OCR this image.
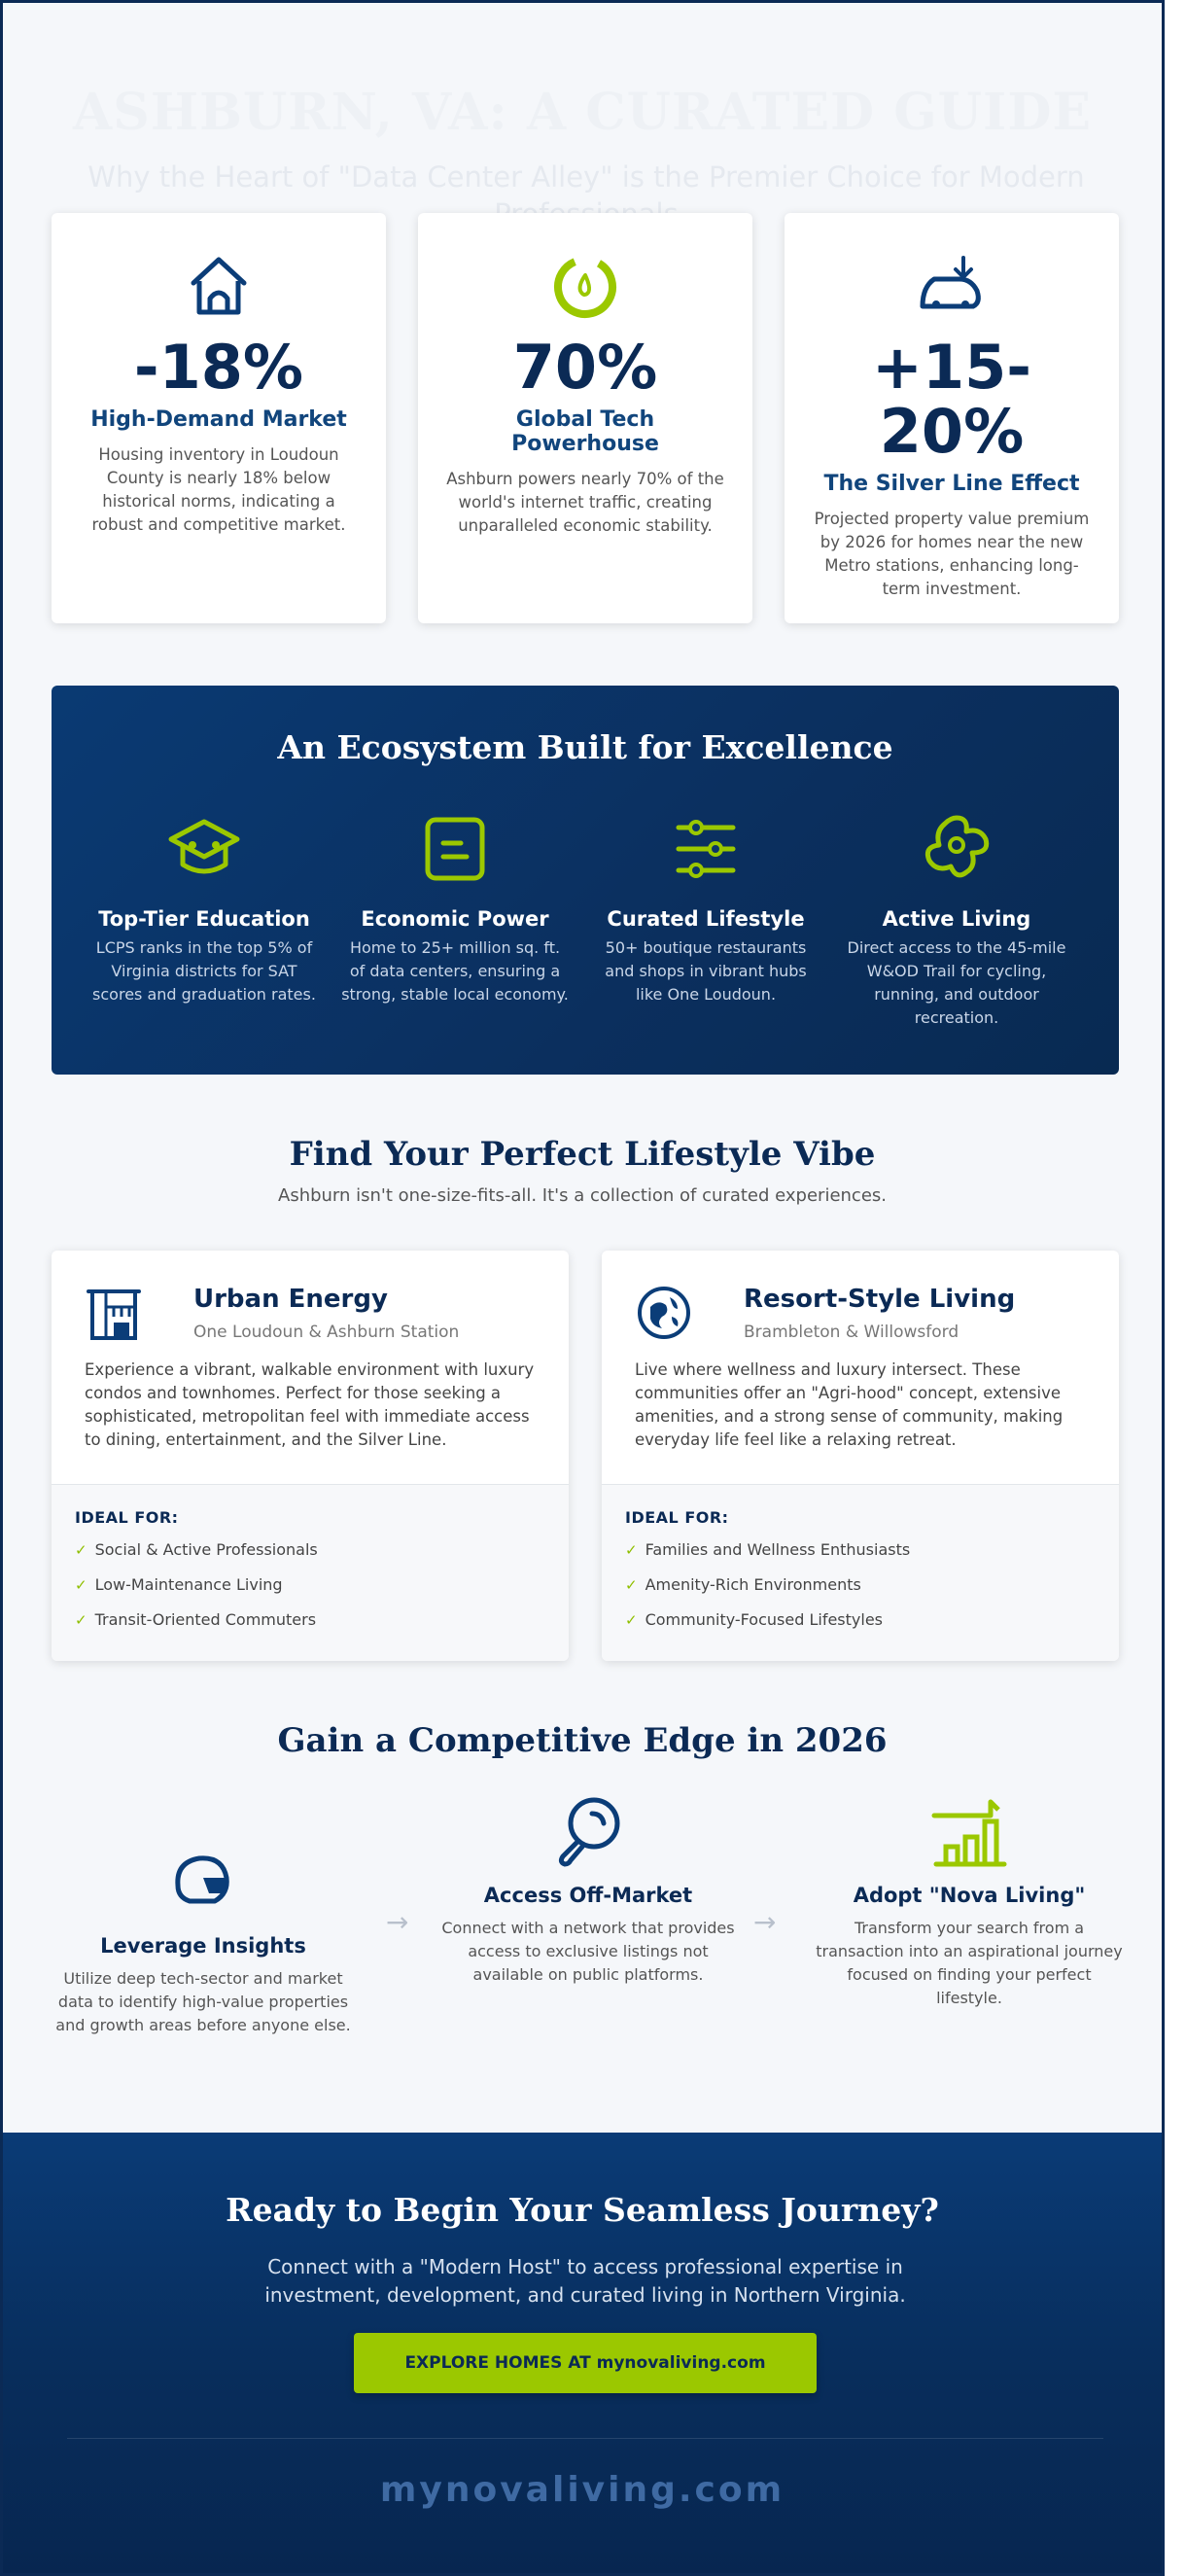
ASHBURN, VA: A CURATED GUIDE
Why the Heart of "Data Center Alley" is the Premier Choice for Modern
-18%
High-Demand Market
Housing inventory in Loudoun County is nearly 18% below historical norms, indicating a robust and competitive market.
70%
Global Tech Powerhouse
Ashburn powers nearly 70% of the world's internet traffic, creating unparalleled economic stability.
+15-20%
The Silver Line Effect
Projected property value premium by 2026 for homes near the new Metro stations, enhancing long-term investment.
An Ecosystem Built for Excellence
Top-Tier Education
LCPS ranks in the top 5% of Virginia districts for SAT scores and graduation rates.
Economic Power
Home to 25+ million sq. ft. of data centers, ensuring a strong, stable local economy.
Curated Lifestyle
50+ boutique restaurants and shops in vibrant hubs like One Loudoun.
Active Living
Direct access to the 45-mile W&OD Trail for cycling, running, and outdoor recreation.
Find Your Perfect Lifestyle Vibe
Ashburn isn't one-size-fits-all. It's a collection of curated experiences.
Urban Energy
One Loudoun & Ashburn Station
Experience a vibrant, walkable environment with luxury condos and townhomes. Perfect for those seeking a sophisticated, metropolitan feel with immediate access to dining, entertainment, and the Silver Line.
IDEAL FOR:
✓ Social & Active Professionals
✓ Low-Maintenance Living
✓ Transit-Oriented Commuters
Resort-Style Living
Brambleton & Willowsford
Live where wellness and luxury intersect. These communities offer an "Agri-hood" concept, extensive amenities, and a strong sense of community, making everyday life feel like a relaxing retreat.
IDEAL FOR:
✓ Families and Wellness Enthusiasts
✓ Amenity-Rich Environments
✓ Community-Focused Lifestyles
Gain a Competitive Edge in 2026
Leverage Insights
Utilize deep tech-sector and market data to identify high-value properties and growth areas before anyone else.
→
Access Off-Market
Connect with a network that provides access to exclusive listings not available on public platforms.
→
Adopt "Nova Living"
Transform your search from a transaction into an aspirational journey focused on finding your perfect lifestyle.
Ready to Begin Your Seamless Journey?
Connect with a "Modern Host" to access professional expertise in investment, development, and curated living in Northern Virginia.
EXPLORE HOMES AT mynovaliving.com
mynovaliving.com
